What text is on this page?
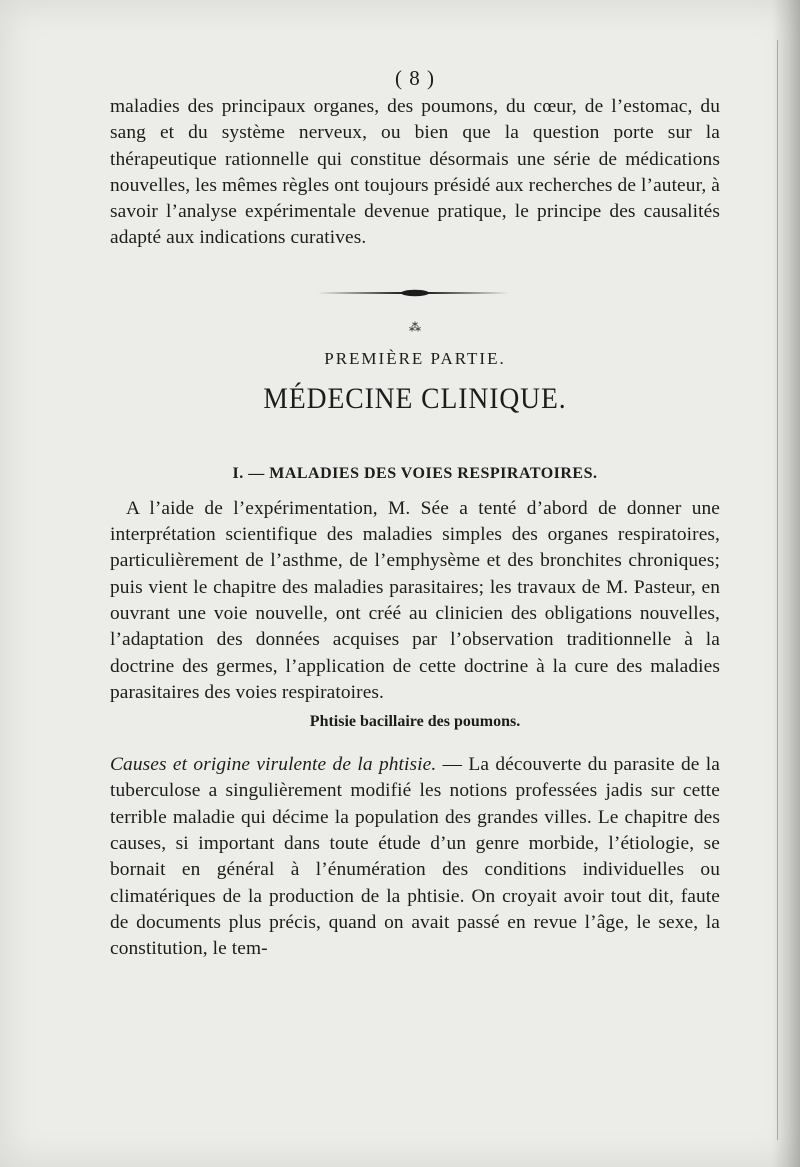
( 8 )

maladies des principaux organes, des poumons, du cœur, de l’estomac, du sang et du système nerveux, ou bien que la question porte sur la thérapeutique rationnelle qui constitue désormais une série de médications nouvelles, les mêmes règles ont toujours présidé aux recherches de l’auteur, à savoir l’analyse expérimentale devenue pratique, le principe des causalités adapté aux indications curatives.

⁂
PREMIÈRE PARTIE.
MÉDECINE CLINIQUE.
I. — MALADIES DES VOIES RESPIRATOIRES.

A l’aide de l’expérimentation, M. Sée a tenté d’abord de donner une interprétation scientifique des maladies simples des organes respiratoires, particulièrement de l’asthme, de l’emphysème et des bronchites chroniques; puis vient le chapitre des maladies parasitaires; les travaux de M. Pasteur, en ouvrant une voie nouvelle, ont créé au clinicien des obligations nouvelles, l’adaptation des données acquises par l’observation traditionnelle à la doctrine des germes, l’application de cette doctrine à la cure des maladies parasitaires des voies respiratoires.

Phtisie bacillaire des poumons.

Causes et origine virulente de la phtisie. — La découverte du parasite de la tuberculose a singulièrement modifié les notions professées jadis sur cette terrible maladie qui décime la population des grandes villes. Le chapitre des causes, si important dans toute étude d’un genre morbide, l’étiologie, se bornait en général à l’énumération des conditions individuelles ou climatériques de la production de la phtisie. On croyait avoir tout dit, faute de documents plus précis, quand on avait passé en revue l’âge, le sexe, la constitution, le tem-
